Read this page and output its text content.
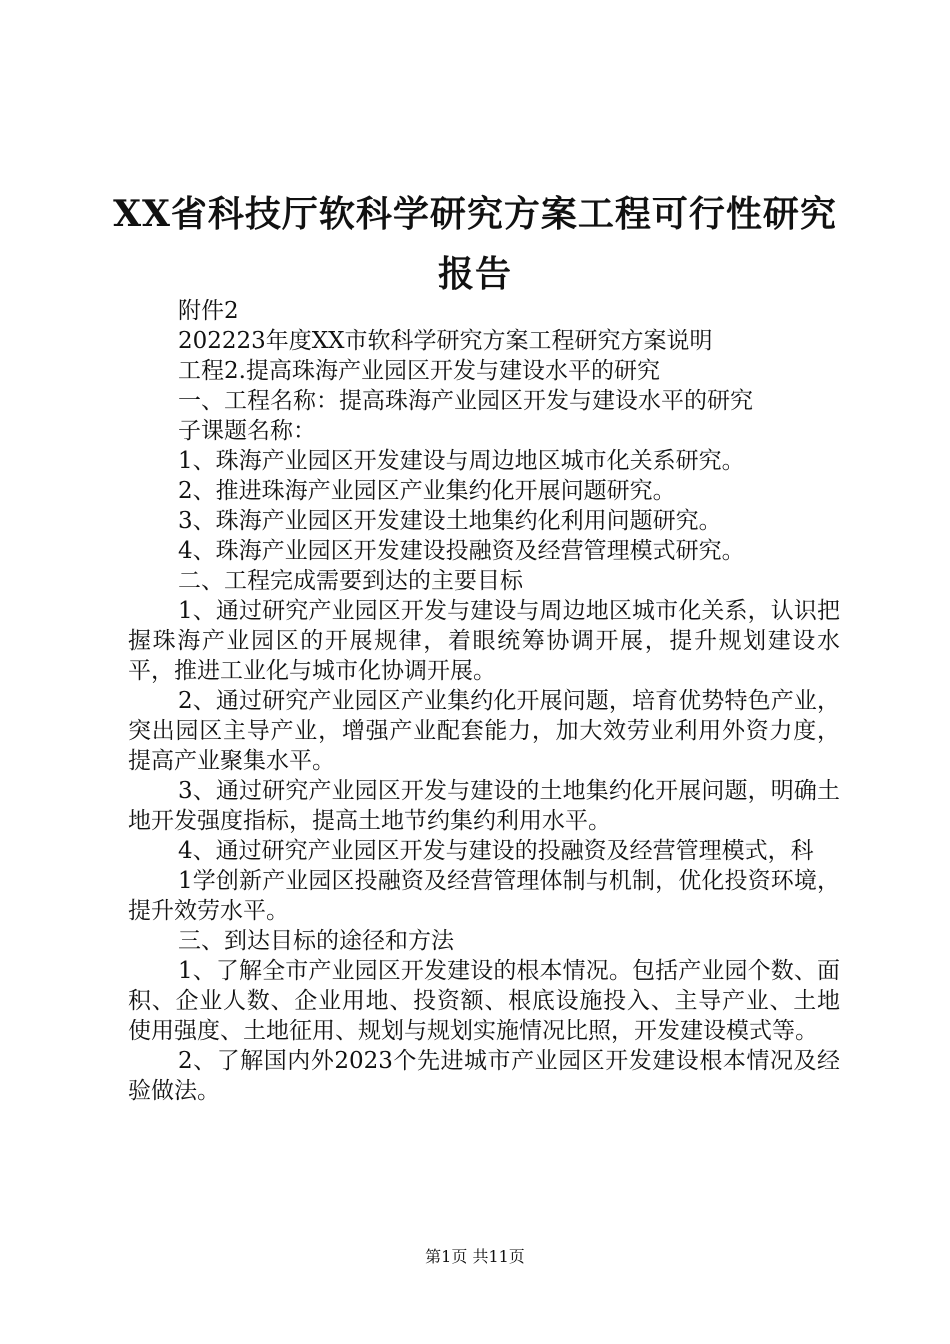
XX省科技厅软科学研究方案工程可行性研究
报告
附件2
202223年度XX市软科学研究方案工程研究方案说明
工程2.提高珠海产业园区开发与建设水平的研究
一、工程名称：提高珠海产业园区开发与建设水平的研究
子课题名称：
1、珠海产业园区开发建设与周边地区城市化关系研究。
2、推进珠海产业园区产业集约化开展问题研究。
3、珠海产业园区开发建设土地集约化利用问题研究。
4、珠海产业园区开发建设投融资及经营管理模式研究。
二、工程完成需要到达的主要目标
1、通过研究产业园区开发与建设与周边地区城市化关系，认识把握珠海产业园区的开展规律，着眼统筹协调开展，提升规划建设水平，推进工业化与城市化协调开展。
2、通过研究产业园区产业集约化开展问题，培育优势特色产业，突出园区主导产业，增强产业配套能力，加大效劳业利用外资力度，提高产业聚集水平。
3、通过研究产业园区开发与建设的土地集约化开展问题，明确土地开发强度指标，提高土地节约集约利用水平。
4、通过研究产业园区开发与建设的投融资及经营管理模式，科
1学创新产业园区投融资及经营管理体制与机制，优化投资环境，提升效劳水平。
三、到达目标的途径和方法
1、了解全市产业园区开发建设的根本情况。包括产业园个数、面积、企业人数、企业用地、投资额、根底设施投入、主导产业、土地使用强度、土地征用、规划与规划实施情况比照，开发建设模式等。
2、了解国内外2023个先进城市产业园区开发建设根本情况及经验做法。
第1页 共11页
